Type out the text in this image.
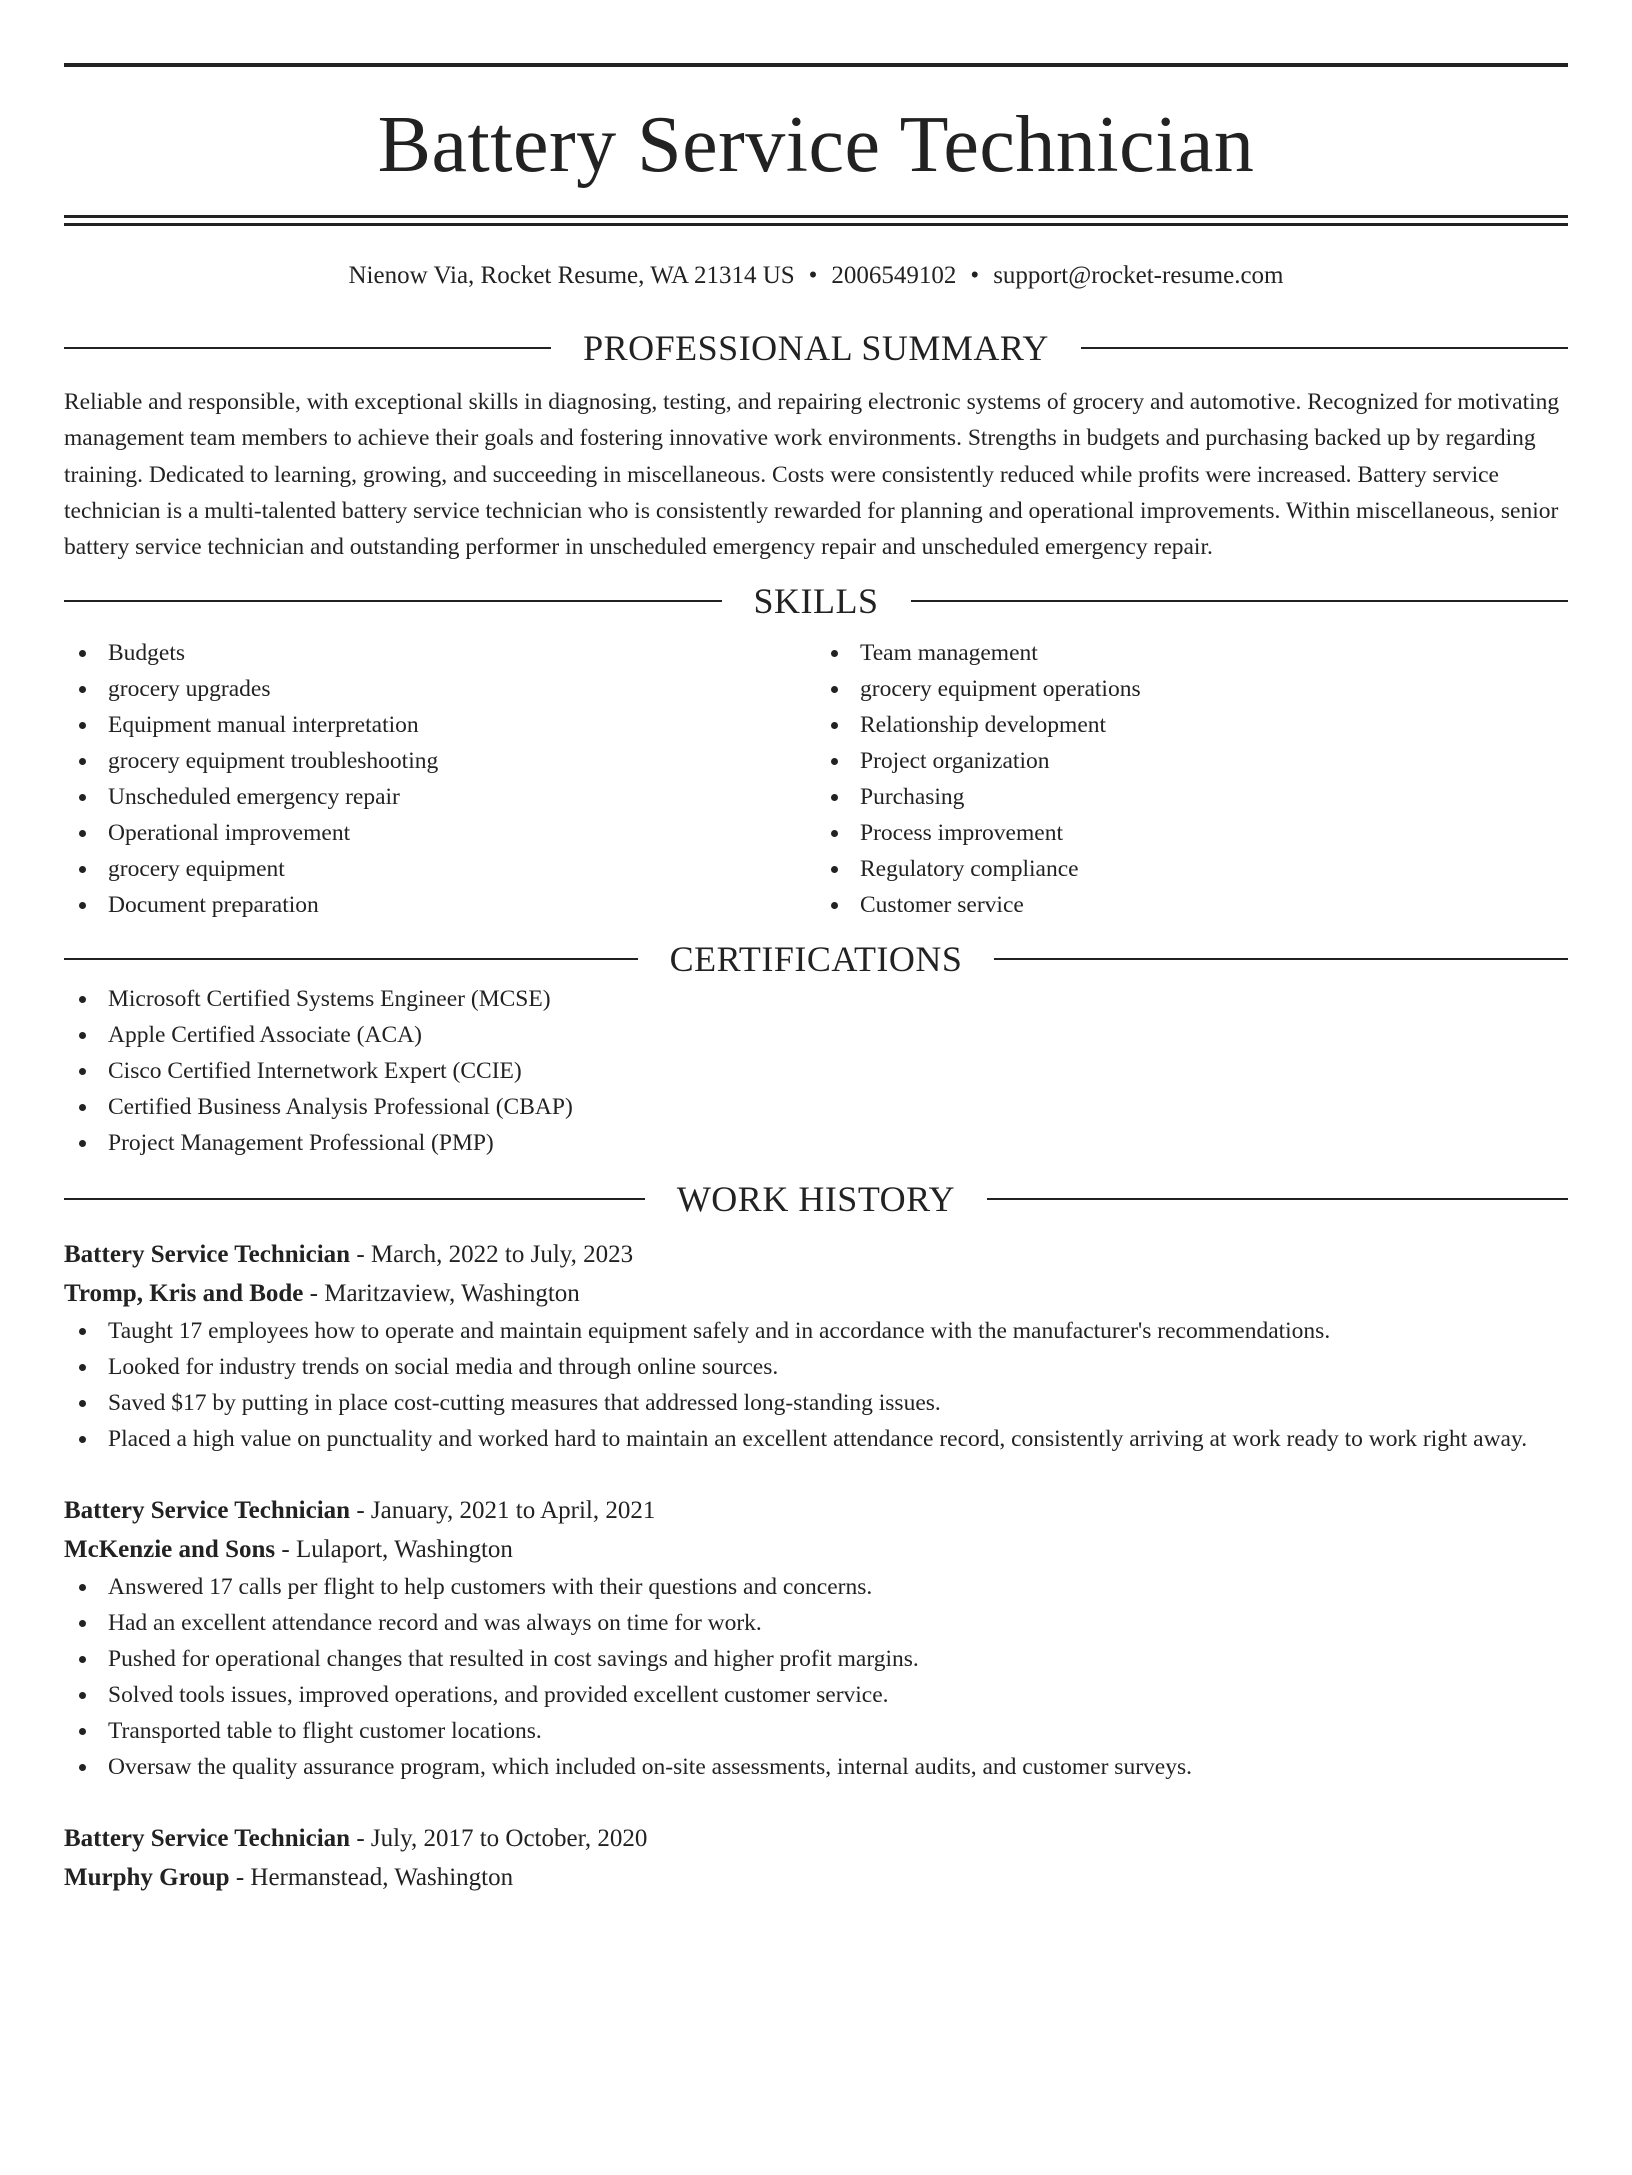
Battery Service Technician
Nienow Via, Rocket Resume, WA 21314 US • 2006549102 • support@rocket-resume.com
PROFESSIONAL SUMMARY
Reliable and responsible, with exceptional skills in diagnosing, testing, and repairing electronic systems of grocery and automotive. Recognized for motivating management team members to achieve their goals and fostering innovative work environments. Strengths in budgets and purchasing backed up by regarding training. Dedicated to learning, growing, and succeeding in miscellaneous. Costs were consistently reduced while profits were increased. Battery service technician is a multi-talented battery service technician who is consistently rewarded for planning and operational improvements. Within miscellaneous, senior battery service technician and outstanding performer in unscheduled emergency repair and unscheduled emergency repair.
SKILLS
Budgets
grocery upgrades
Equipment manual interpretation
grocery equipment troubleshooting
Unscheduled emergency repair
Operational improvement
grocery equipment
Document preparation
Team management
grocery equipment operations
Relationship development
Project organization
Purchasing
Process improvement
Regulatory compliance
Customer service
CERTIFICATIONS
Microsoft Certified Systems Engineer (MCSE)
Apple Certified Associate (ACA)
Cisco Certified Internetwork Expert (CCIE)
Certified Business Analysis Professional (CBAP)
Project Management Professional (PMP)
WORK HISTORY
Battery Service Technician - March, 2022 to July, 2023
Tromp, Kris and Bode - Maritzaview, Washington
Taught 17 employees how to operate and maintain equipment safely and in accordance with the manufacturer's recommendations.
Looked for industry trends on social media and through online sources.
Saved $17 by putting in place cost-cutting measures that addressed long-standing issues.
Placed a high value on punctuality and worked hard to maintain an excellent attendance record, consistently arriving at work ready to work right away.
Battery Service Technician - January, 2021 to April, 2021
McKenzie and Sons - Lulaport, Washington
Answered 17 calls per flight to help customers with their questions and concerns.
Had an excellent attendance record and was always on time for work.
Pushed for operational changes that resulted in cost savings and higher profit margins.
Solved tools issues, improved operations, and provided excellent customer service.
Transported table to flight customer locations.
Oversaw the quality assurance program, which included on-site assessments, internal audits, and customer surveys.
Battery Service Technician - July, 2017 to October, 2020
Murphy Group - Hermanstead, Washington
